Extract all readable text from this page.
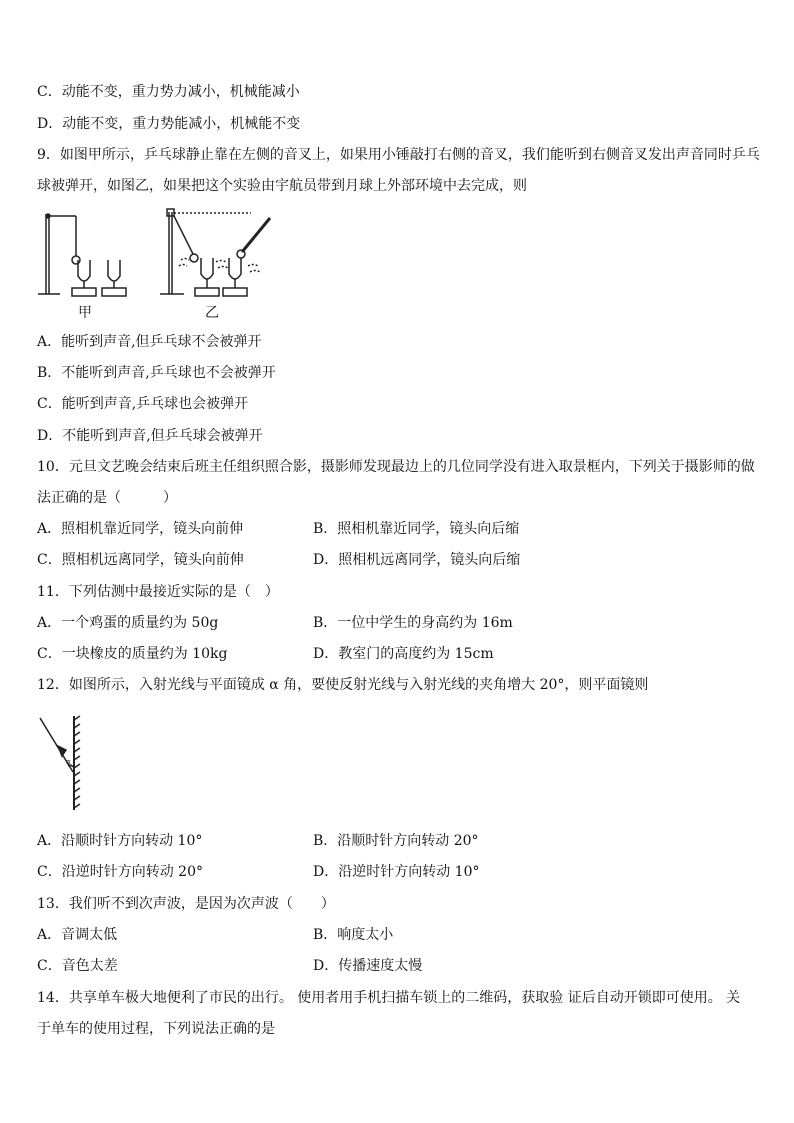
C．动能不变，重力势力减小，机械能减小
D．动能不变，重力势能减小，机械能不变
9．如图甲所示，乒乓球静止靠在左侧的音叉上，如果用小锤敲打右侧的音叉，我们能听到右侧音叉发出声音同时乒乓
球被弹开，如图乙，如果把这个实验由宇航员带到月球上外部环境中去完成，则
甲	乙
A．能听到声音,但乒乓球不会被弹开
B．不能听到声音,乒乓球也不会被弹开
C．能听到声音,乒乓球也会被弹开
D．不能听到声音,但乒乓球会被弹开
10．元旦文艺晚会结束后班主任组织照合影，摄影师发现最边上的几位同学没有进入取景框内，下列关于摄影师的做
法正确的是（　　　）
A．照相机靠近同学，镜头向前伸	B．照相机靠近同学，镜头向后缩
C．照相机远离同学，镜头向前伸	D．照相机远离同学，镜头向后缩
11．下列估测中最接近实际的是（　）
A．一个鸡蛋的质量约为 50g	B．一位中学生的身高约为 16m
C．一块橡皮的质量约为 10kg	D．教室门的高度约为 15cm
12．如图所示，入射光线与平面镜成 α 角，要使反射光线与入射光线的夹角增大 20°，则平面镜则
α
A．沿顺时针方向转动 10°	B．沿顺时针方向转动 20°
C．沿逆时针方向转动 20°	D．沿逆时针方向转动 10°
13．我们听不到次声波，是因为次声波（　　）
A．音调太低	B．响度太小
C．音色太差	D．传播速度太慢
14．共享单车极大地便利了市民的出行。 使用者用手机扫描车锁上的二维码，获取验 证后自动开锁即可使用。 关
于单车的使用过程，下列说法正确的是
